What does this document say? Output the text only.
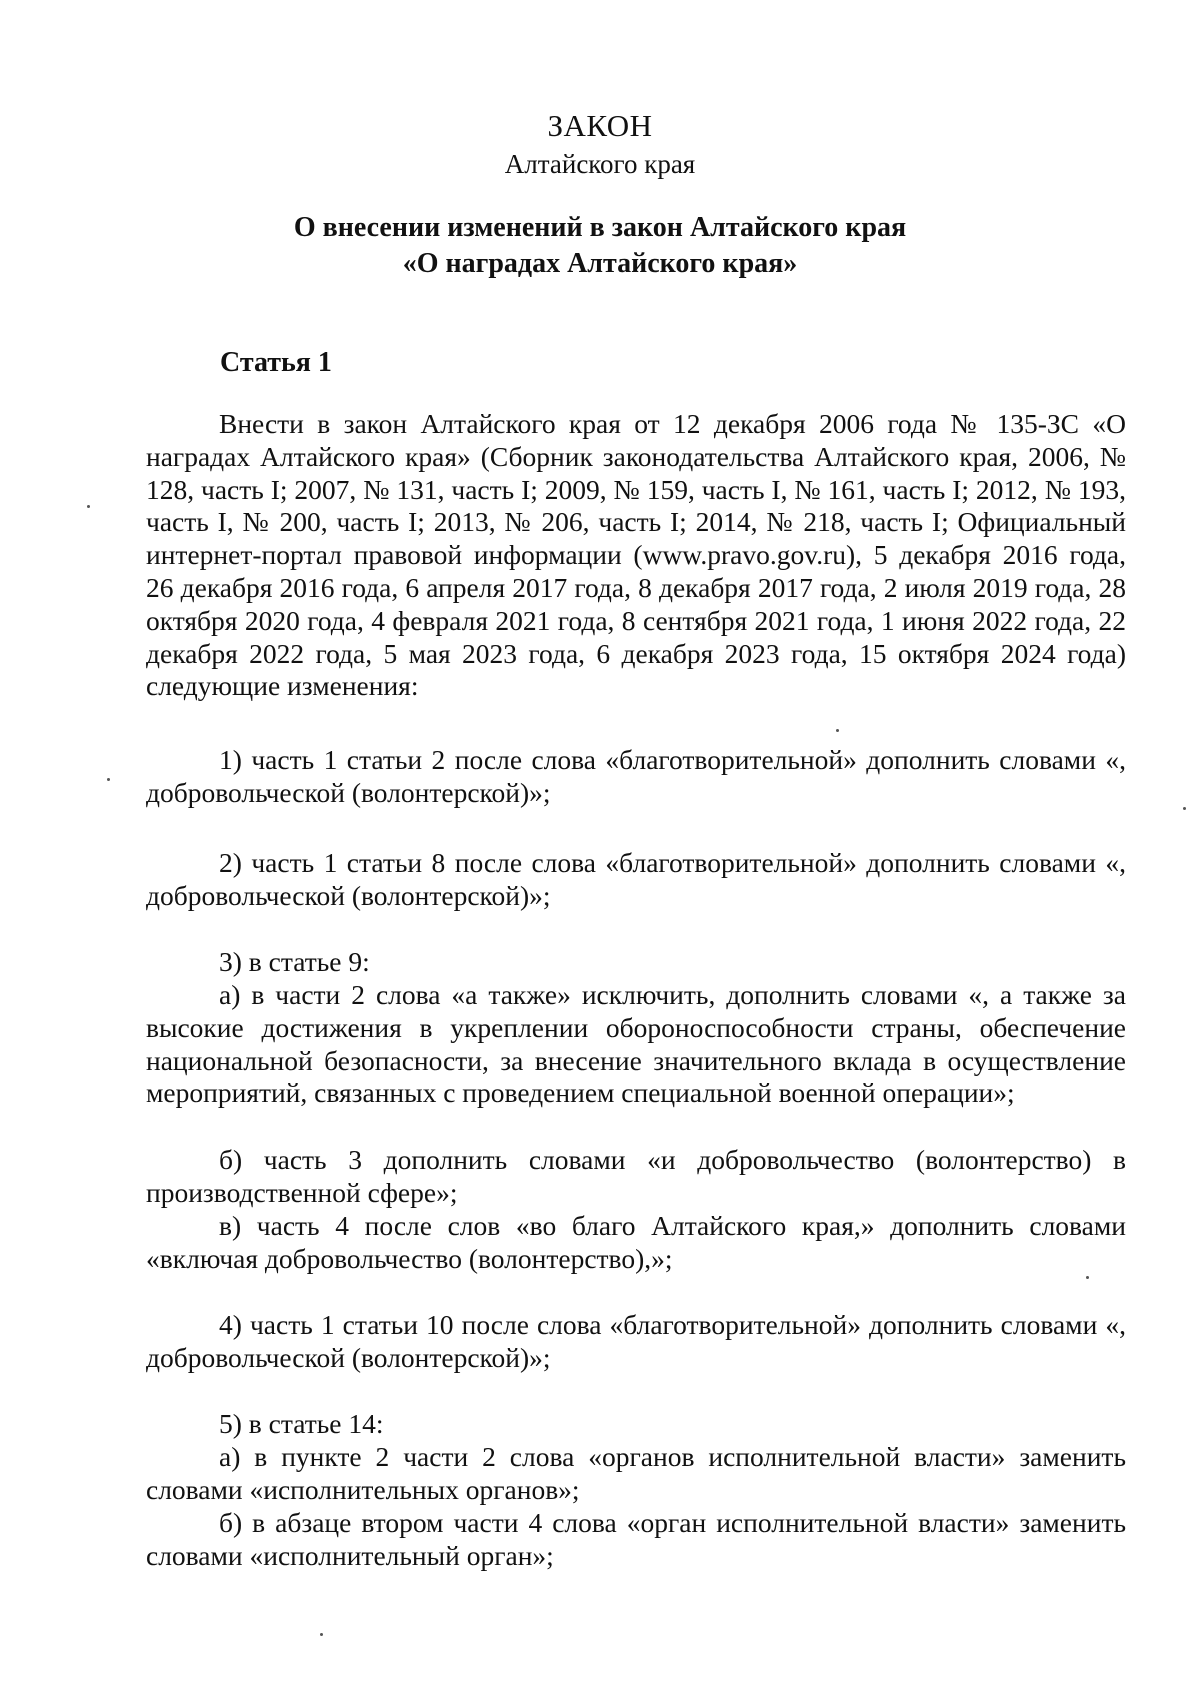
ЗАКОН
Алтайского края
О внесении изменений в закон Алтайского края
«О наградах Алтайского края»
Статья 1

Внести в закон Алтайского края от 12 декабря 2006 года № 135-ЗС «О наградах Алтайского края» (Сборник законодательства Алтайского края, 2006, № 128, часть I; 2007, № 131, часть I; 2009, № 159, часть I, № 161, часть I; 2012, № 193, часть I, № 200, часть I; 2013, № 206, часть I; 2014, № 218, часть I; Официальный интернет-портал правовой информации (www.pravo.gov.ru), 5 декабря 2016 года, 26 декабря 2016 года, 6 апреля 2017 года, 8 декабря 2017 года, 2 июля 2019 года, 28 октября 2020 года, 4 февраля 2021 года, 8 сентября 2021 года, 1 июня 2022 года, 22 декабря 2022 года, 5 мая 2023 года, 6 декабря 2023 года, 15 октября 2024 года) следующие изменения:

1) часть 1 статьи 2 после слова «благотворительной» дополнить словами «, добровольческой (волонтерской)»;

2) часть 1 статьи 8 после слова «благотворительной» дополнить словами «, добровольческой (волонтерской)»;

3) в статье 9:

а) в части 2 слова «а также» исключить, дополнить словами «, а также за высокие достижения в укреплении обороноспособности страны, обеспечение национальной безопасности, за внесение значительного вклада в осуществление мероприятий, связанных с проведением специальной военной операции»;

б) часть 3 дополнить словами «и добровольчество (волонтерство) в производственной сфере»;

в) часть 4 после слов «во благо Алтайского края,» дополнить словами «включая добровольчество (волонтерство),»;

4) часть 1 статьи 10 после слова «благотворительной» дополнить словами «, добровольческой (волонтерской)»;

5) в статье 14:

а) в пункте 2 части 2 слова «органов исполнительной власти» заменить словами «исполнительных органов»;

б) в абзаце втором части 4 слова «орган исполнительной власти» заменить словами «исполнительный орган»;
